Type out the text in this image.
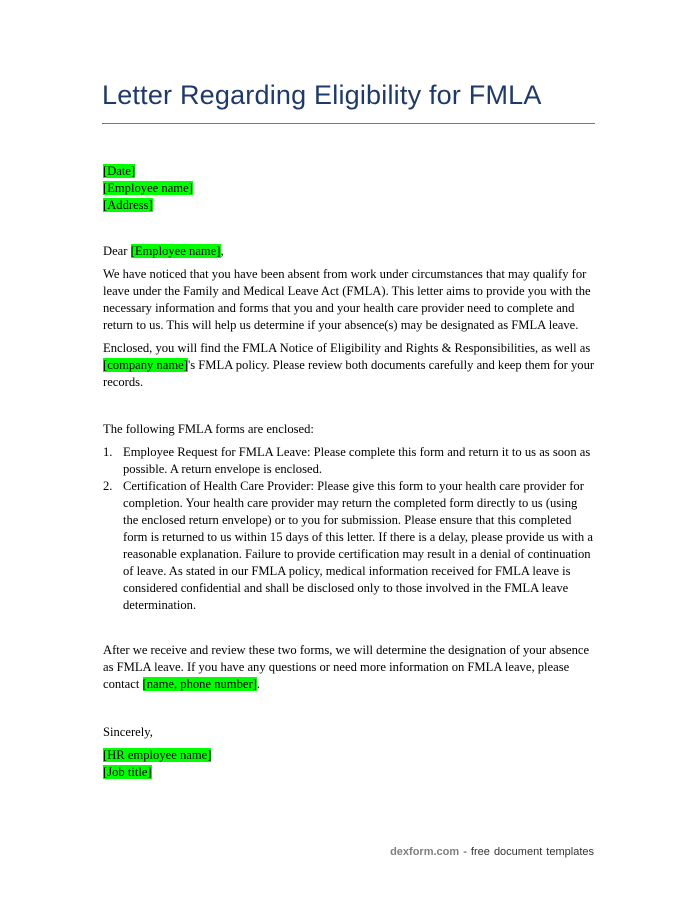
Letter Regarding Eligibility for FMLA
[Date]
[Employee name]
[Address]

Dear [Employee name],

We have noticed that you have been absent from work under circumstances that may qualify for leave under the Family and Medical Leave Act (FMLA). This letter aims to provide you with the necessary information and forms that you and your health care provider need to complete and return to us. This will help us determine if your absence(s) may be designated as FMLA leave.

Enclosed, you will find the FMLA Notice of Eligibility and Rights & Responsibilities, as well as [company name]'s FMLA policy. Please review both documents carefully and keep them for your records.

The following FMLA forms are enclosed:

1. Employee Request for FMLA Leave: Please complete this form and return it to us as soon as possible. A return envelope is enclosed.
2. Certification of Health Care Provider: Please give this form to your health care provider for completion. Your health care provider may return the completed form directly to us (using the enclosed return envelope) or to you for submission. Please ensure that this completed form is returned to us within 15 days of this letter. If there is a delay, please provide us with a reasonable explanation. Failure to provide certification may result in a denial of continuation of leave. As stated in our FMLA policy, medical information received for FMLA leave is considered confidential and shall be disclosed only to those involved in the FMLA leave determination.

After we receive and review these two forms, we will determine the designation of your absence as FMLA leave. If you have any questions or need more information on FMLA leave, please contact [name, phone number].

Sincerely,

[HR employee name]
[Job title]
dexform.com - free document templates
